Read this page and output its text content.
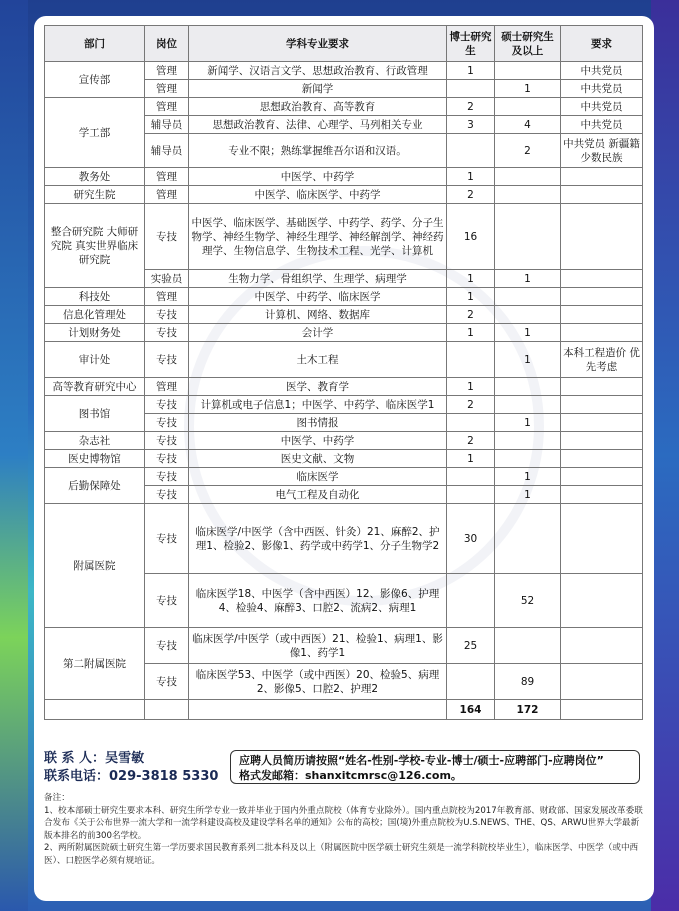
部门	岗位	学科专业要求	博士研究生	硕士研究生及以上	要求
宣传部	管理	新闻学、汉语言文学、思想政治教育、行政管理	1		中共党员
	管理	新闻学		1	中共党员
学工部	管理	思想政治教育、高等教育	2		中共党员
	辅导员	思想政治教育、法律、心理学、马列相关专业	3	4	中共党员
	辅导员	专业不限；熟练掌握维吾尔语和汉语。		2	中共党员 新疆籍少数民族
教务处	管理	中医学、中药学	1		
研究生院	管理	中医学、临床医学、中药学	2		
整合研究院 大师研究院 真实世界临床研究院	专技	中医学、临床医学、基础医学、中药学、药学、分子生物学、神经生物学、神经生理学、神经解剖学、神经药理学、生物信息学、生物技术工程、光学、计算机	16		
	实验员	生物力学、骨组织学、生理学、病理学	1	1	
科技处	管理	中医学、中药学、临床医学	1		
信息化管理处	专技	计算机、网络、数据库	2		
计划财务处	专技	会计学	1	1	
审计处	专技	土木工程		1	本科工程造价 优先考虑
高等教育研究中心	管理	医学、教育学	1		
图书馆	专技	计算机或电子信息1；中医学、中药学、临床医学1	2		
	专技	图书情报		1	
杂志社	专技	中医学、中药学	2		
医史博物馆	专技	医史文献、文物	1		
后勤保障处	专技	临床医学		1	
	专技	电气工程及自动化		1	
附属医院	专技	临床医学/中医学（含中西医、针灸）21、麻醉2、护理1、检验2、影像1、药学或中药学1、分子生物学2	30		
	专技	临床医学18、中医学（含中西医）12、影像6、护理4、检验4、麻醉3、口腔2、流病2、病理1		52	
第二附属医院	专技	临床医学/中医学（或中西医）21、检验1、病理1、影像1、药学1	25		
	专技	临床医学53、中医学（或中西医）20、检验5、病理2、影像5、口腔2、护理2		89	
			164	172	
联 系 人：吴雪敏
联系电话：029-3818 5330
应聘人员简历请按照“姓名-性别-学校-专业-博士/硕士-应聘部门-应聘岗位”
格式发邮箱：shanxitcmrsc@126.com。

备注：

1、校本部硕士研究生要求本科、研究生所学专业一致并毕业于国内外重点院校（体育专业除外）。国内重点院校为2017年教育部、财政部、国家发展改革委联合发布《关于公布世界一流大学和一流学科建设高校及建设学科名单的通知》公布的高校；国(境)外重点院校为U.S.NEWS、THE、QS、ARWU世界大学最新版本排名的前300名学校。

2、两所附属医院硕士研究生第一学历要求国民教育系列二批本科及以上（附属医院中医学硕士研究生须是一流学科院校毕业生），临床医学、中医学（或中西医）、口腔医学必须有规培证。
